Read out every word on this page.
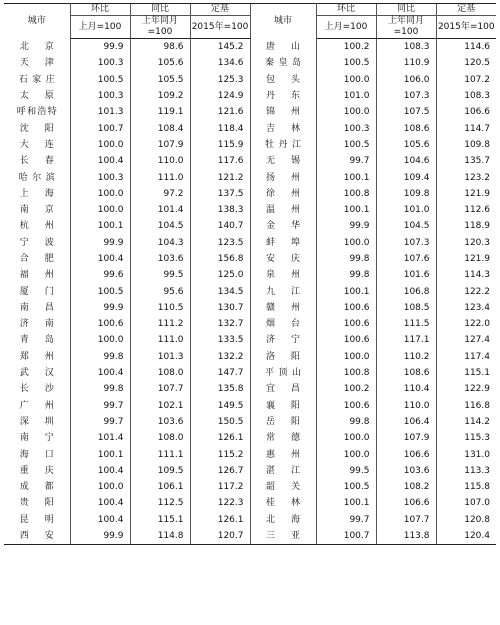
城市	环比	同比	定基	城市	环比	同比	定基
	上月=100	上年同月=100	2015年=100		上月=100	上年同月=100	2015年=100
北京	99.9	98.6	145.2	唐山	100.2	108.3	114.6
天津	100.3	105.6	134.6	秦皇岛	100.5	110.9	120.5
石家庄	100.5	105.5	125.3	包头	100.0	106.0	107.2
太原	100.3	109.2	124.9	丹东	101.0	107.3	108.3
呼和浩特	101.3	119.1	121.6	锦州	100.0	107.5	106.6
沈阳	100.7	108.4	118.4	吉林	100.3	108.6	114.7
大连	100.0	107.9	115.9	牡丹江	100.5	105.6	109.8
长春	100.4	110.0	117.6	无锡	99.7	104.6	135.7
哈尔滨	100.3	111.0	121.2	扬州	100.1	109.4	123.2
上海	100.0	97.2	137.5	徐州	100.8	109.8	121.9
南京	100.0	101.4	138.3	温州	100.1	101.0	112.6
杭州	100.1	104.5	140.7	金华	99.9	104.5	118.9
宁波	99.9	104.3	123.5	蚌埠	100.0	107.3	120.3
合肥	100.4	103.6	156.8	安庆	99.8	107.6	121.9
福州	99.6	99.5	125.0	泉州	99.8	101.6	114.3
厦门	100.5	95.6	134.5	九江	100.1	106.8	122.2
南昌	99.9	110.5	130.7	赣州	100.6	108.5	123.4
济南	100.6	111.2	132.7	烟台	100.6	111.5	122.0
青岛	100.0	111.0	133.5	济宁	100.6	117.1	127.4
郑州	99.8	101.3	132.2	洛阳	100.0	110.2	117.4
武汉	100.4	108.0	147.7	平顶山	100.8	108.6	115.1
长沙	99.8	107.7	135.8	宜昌	100.2	110.4	122.9
广州	99.7	102.1	149.5	襄阳	100.6	110.0	116.8
深圳	99.7	103.6	150.5	岳阳	99.8	106.4	114.2
南宁	101.4	108.0	126.1	常德	100.0	107.9	115.3
海口	100.1	111.1	115.2	惠州	100.0	106.6	131.0
重庆	100.4	109.5	126.7	湛江	99.5	103.6	113.3
成都	100.0	106.1	117.2	韶关	100.5	108.2	115.8
贵阳	100.4	112.5	122.3	桂林	100.1	106.6	107.0
昆明	100.4	115.1	126.1	北海	99.7	107.7	120.8
西安	99.9	114.8	120.7	三亚	100.7	113.8	120.4
